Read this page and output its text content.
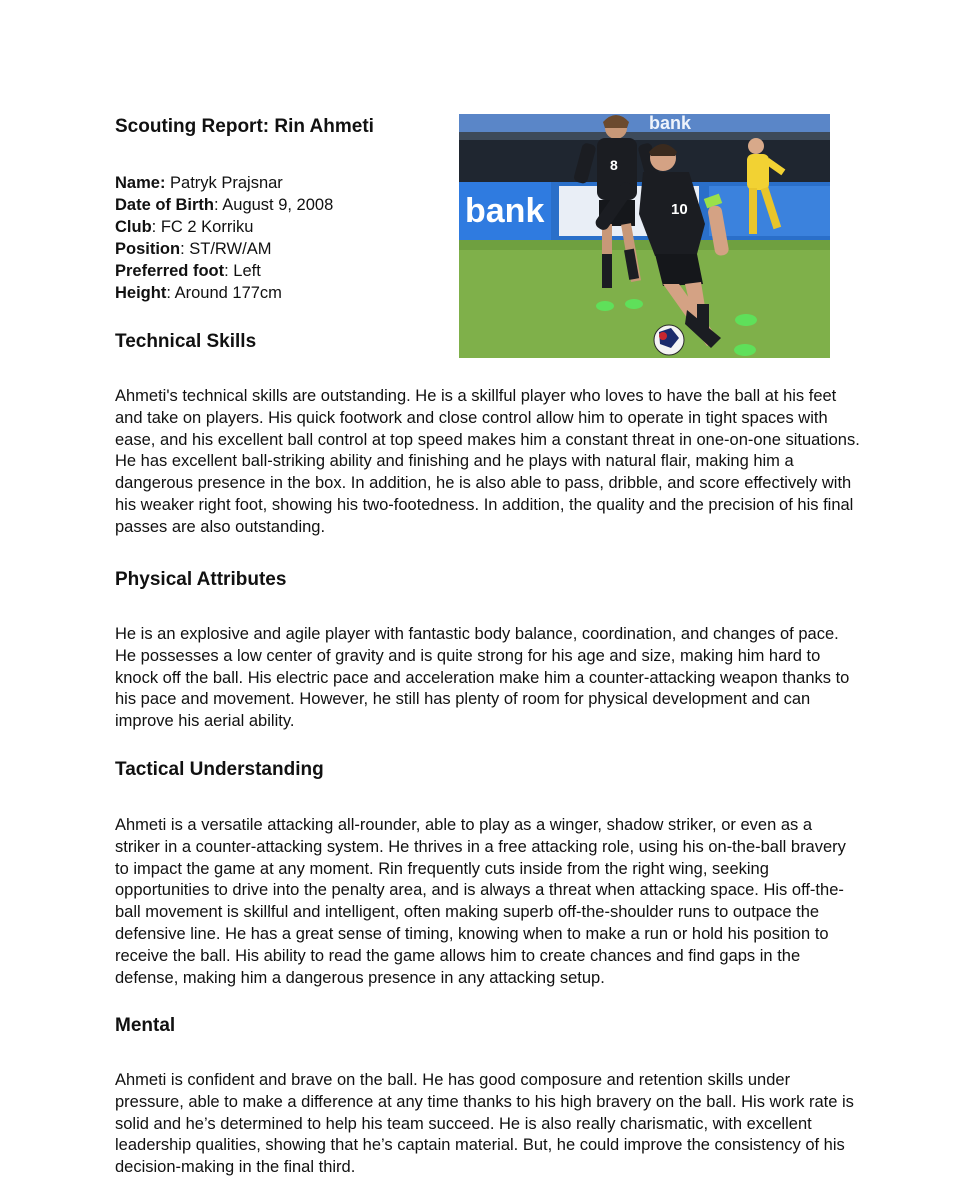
Scouting Report: Rin Ahmeti
Name: Patryk Prajsnar
Date of Birth: August 9, 2008
Club: FC 2 Korriku
Position: ST/RW/AM
Preferred foot: Left
Height: Around 177cm
bank
bank
8
10
Technical Skills

Ahmeti's technical skills are outstanding. He is a skillful player who loves to have the ball at his feet and take on players. His quick footwork and close control allow him to operate in tight spaces with ease, and his excellent ball control at top speed makes him a constant threat in one-on-one situations. He has excellent ball-striking ability and finishing and he plays with natural flair, making him a dangerous presence in the box. In addition, he is also able to pass, dribble, and score effectively with his weaker right foot, showing his two-footedness. In addition, the quality and the precision of his final passes are also outstanding.

Physical Attributes

He is an explosive and agile player with fantastic body balance, coordination, and changes of pace. He possesses a low center of gravity and is quite strong for his age and size, making him hard to knock off the ball. His electric pace and acceleration make him a counter-attacking weapon thanks to his pace and movement. However, he still has plenty of room for physical development and can improve his aerial ability.

Tactical Understanding

Ahmeti is a versatile attacking all-rounder, able to play as a winger, shadow striker, or even as a striker in a counter-attacking system. He thrives in a free attacking role, using his on-the-ball bravery to impact the game at any moment. Rin frequently cuts inside from the right wing, seeking opportunities to drive into the penalty area, and is always a threat when attacking space. His off-the-ball movement is skillful and intelligent, often making superb off-the-shoulder runs to outpace the defensive line. He has a great sense of timing, knowing when to make a run or hold his position to receive the ball. His ability to read the game allows him to create chances and find gaps in the defense, making him a dangerous presence in any attacking setup.

Mental

Ahmeti is confident and brave on the ball. He has good composure and retention skills under pressure, able to make a difference at any time thanks to his high bravery on the ball. His work rate is solid and he’s determined to help his team succeed. He is also really charismatic, with excellent leadership qualities, showing that he’s captain material. But, he could improve the consistency of his decision-making in the final third.
